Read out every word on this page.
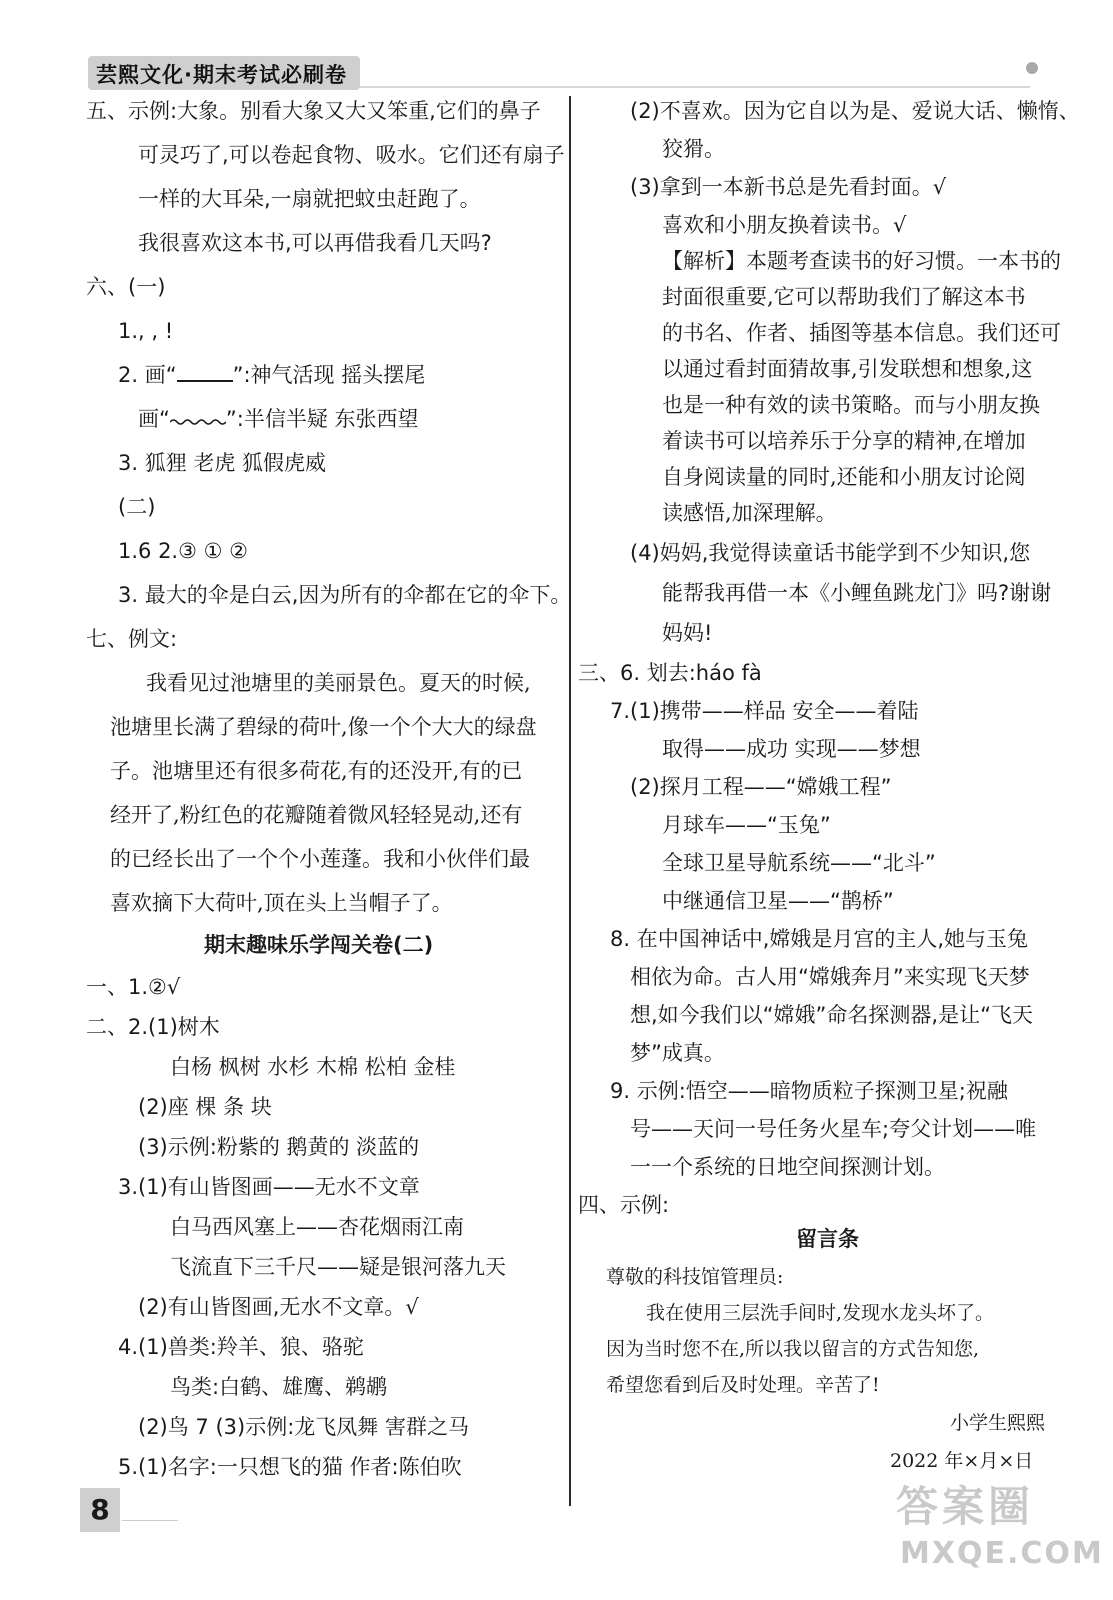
芸熙文化·期末考试必刷卷
五、示例:大象。别看大象又大又笨重,它们的鼻子
可灵巧了,可以卷起食物、吸水。它们还有扇子
一样的大耳朵,一扇就把蚊虫赶跑了。
我很喜欢这本书,可以再借我看几天吗?
六、(一)
1., , !
2. 画“	”:神气活现 摇头摆尾
画“	”:半信半疑 东张西望
3. 狐狸 老虎 狐假虎威
(二)
1.6 2.③ ① ②
3. 最大的伞是白云,因为所有的伞都在它的伞下。
七、例文:
我看见过池塘里的美丽景色。夏天的时候,
池塘里长满了碧绿的荷叶,像一个个大大的绿盘
子。池塘里还有很多荷花,有的还没开,有的已
经开了,粉红色的花瓣随着微风轻轻晃动,还有
的已经长出了一个个小莲蓬。我和小伙伴们最
喜欢摘下大荷叶,顶在头上当帽子了。
期末趣味乐学闯关卷(二)
一、1.②√
二、2.(1)树木
白杨 枫树 水杉 木棉 松柏 金桂
(2)座 棵 条 块
(3)示例:粉紫的 鹅黄的 淡蓝的
3.(1)有山皆图画——无水不文章
白马西风塞上——杏花烟雨江南
飞流直下三千尺——疑是银河落九天
(2)有山皆图画,无水不文章。√
4.(1)兽类:羚羊、狼、骆驼
鸟类:白鹤、雄鹰、鹈鹕
(2)鸟 7 (3)示例:龙飞凤舞 害群之马
5.(1)名字:一只想飞的猫 作者:陈伯吹
(2)不喜欢。因为它自以为是、爱说大话、懒惰、
狡猾。
(3)拿到一本新书总是先看封面。√
喜欢和小朋友换着读书。√
【解析】本题考查读书的好习惯。一本书的
封面很重要,它可以帮助我们了解这本书
的书名、作者、插图等基本信息。我们还可
以通过看封面猜故事,引发联想和想象,这
也是一种有效的读书策略。而与小朋友换
着读书可以培养乐于分享的精神,在增加
自身阅读量的同时,还能和小朋友讨论阅
读感悟,加深理解。
(4)妈妈,我觉得读童话书能学到不少知识,您
能帮我再借一本《小鲤鱼跳龙门》吗?谢谢
妈妈!
三、6. 划去:háo fà
7.(1)携带——样品 安全——着陆
取得——成功 实现——梦想
(2)探月工程——“嫦娥工程”
月球车——“玉兔”
全球卫星导航系统——“北斗”
中继通信卫星——“鹊桥”
8. 在中国神话中,嫦娥是月宫的主人,她与玉兔
相依为命。古人用“嫦娥奔月”来实现飞天梦
想,如今我们以“嫦娥”命名探测器,是让“飞天
梦”成真。
9. 示例:悟空——暗物质粒子探测卫星;祝融
号——天问一号任务火星车;夸父计划——唯
一一个系统的日地空间探测计划。
四、示例:
留言条
尊敬的科技馆管理员:
我在使用三层洗手间时,发现水龙头坏了。
因为当时您不在,所以我以留言的方式告知您,
希望您看到后及时处理。辛苦了!
小学生熙熙
2022 年×月×日
8	答案圈
MXQE.COM
